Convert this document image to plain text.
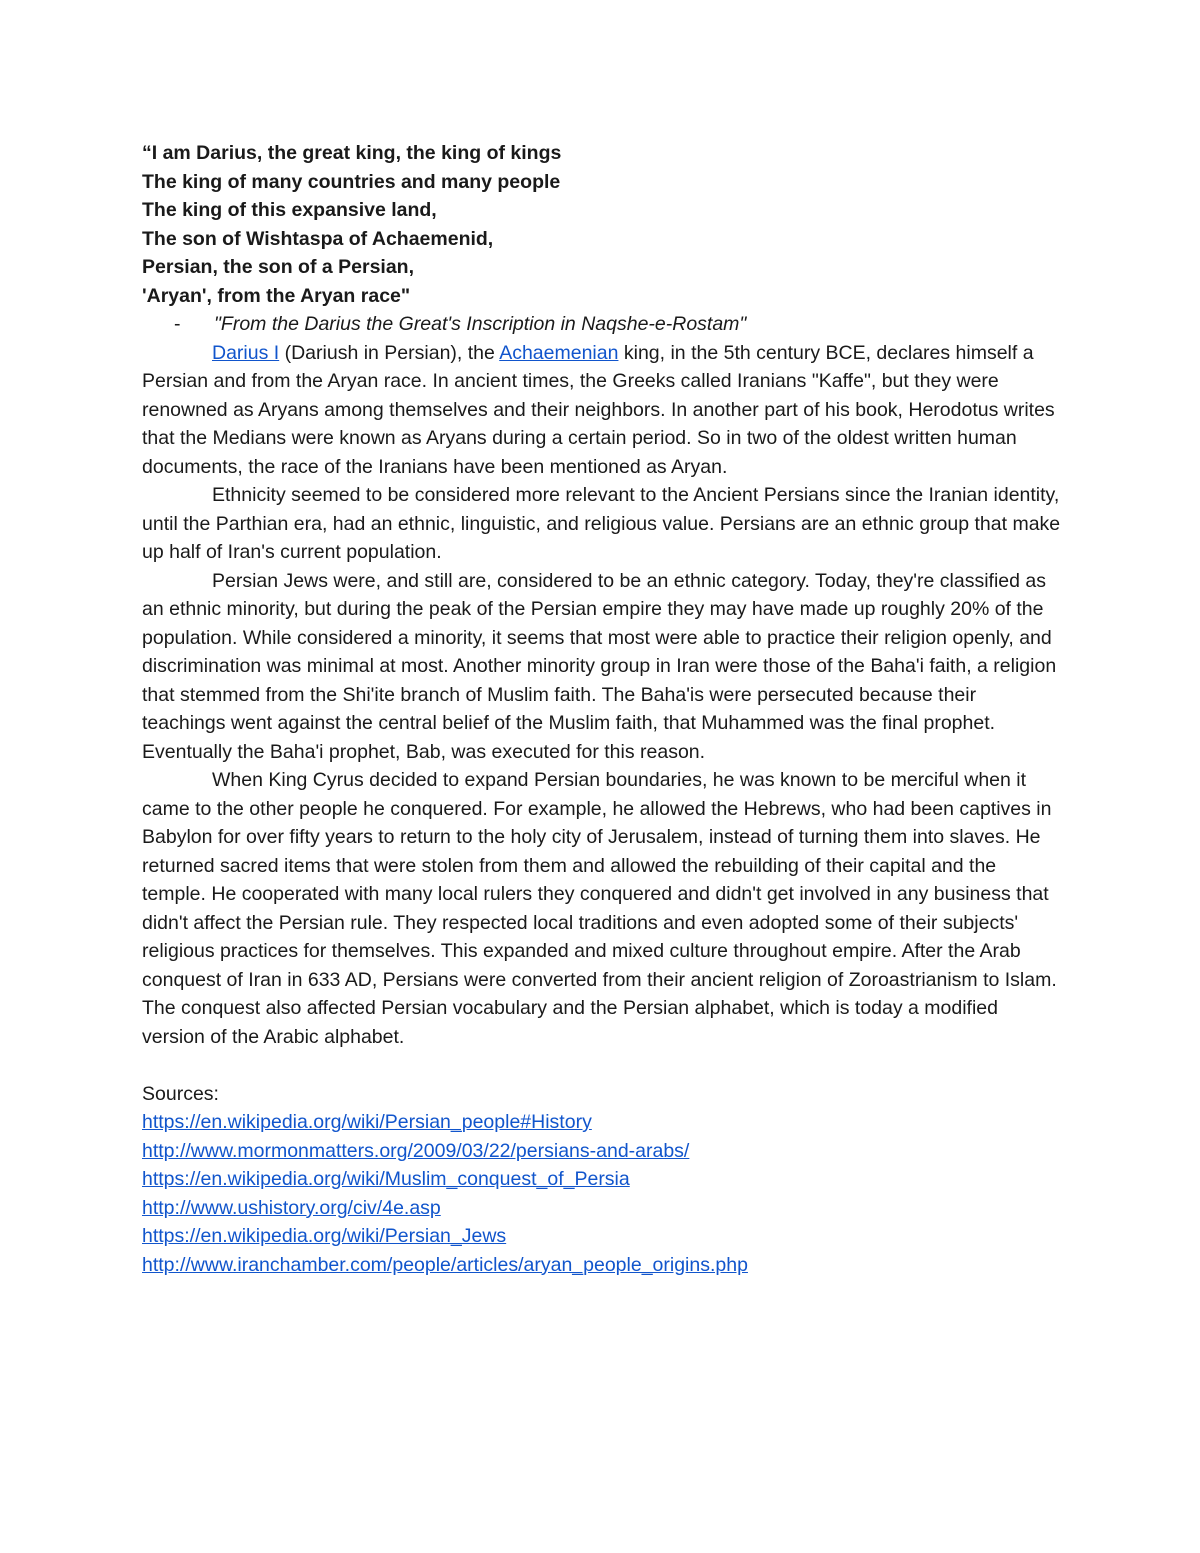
“I am Darius, the great king, the king of kings
The king of many countries and many people
The king of this expansive land,
The son of Wishtaspa of Achaemenid,
Persian, the son of a Persian,
'Aryan', from the Aryan race"
- "From the Darius the Great's Inscription in Naqshe-e-Rostam"

Darius I (Dariush in Persian), the Achaemenian king, in the 5th century BCE, declares himself a Persian and from the Aryan race. In ancient times, the Greeks called Iranians "Kaffe", but they were renowned as Aryans among themselves and their neighbors. In another part of his book, Herodotus writes that the Medians were known as Aryans during a certain period. So in two of the oldest written human documents, the race of the Iranians have been mentioned as Aryan.

Ethnicity seemed to be considered more relevant to the Ancient Persians since the Iranian identity, until the Parthian era, had an ethnic, linguistic, and religious value. Persians are an ethnic group that make up half of Iran's current population.

Persian Jews were, and still are, considered to be an ethnic category. Today, they're classified as an ethnic minority, but during the peak of the Persian empire they may have made up roughly 20% of the population. While considered a minority, it seems that most were able to practice their religion openly, and discrimination was minimal at most. Another minority group in Iran were those of the Baha'i faith, a religion that stemmed from the Shi'ite branch of Muslim faith. The Baha'is were persecuted because their teachings went against the central belief of the Muslim faith, that Muhammed was the final prophet. Eventually the Baha'i prophet, Bab, was executed for this reason.

When King Cyrus decided to expand Persian boundaries, he was known to be merciful when it came to the other people he conquered. For example, he allowed the Hebrews, who had been captives in Babylon for over fifty years to return to the holy city of Jerusalem, instead of turning them into slaves. He returned sacred items that were stolen from them and allowed the rebuilding of their capital and the temple. He cooperated with many local rulers they conquered and didn't get involved in any business that didn't affect the Persian rule. They respected local traditions and even adopted some of their subjects' religious practices for themselves. This expanded and mixed culture throughout empire. After the Arab conquest of Iran in 633 AD, Persians were converted from their ancient religion of Zoroastrianism to Islam. The conquest also affected Persian vocabulary and the Persian alphabet, which is today a modified version of the Arabic alphabet.

Sources:
https://en.wikipedia.org/wiki/Persian_people#History
http://www.mormonmatters.org/2009/03/22/persians-and-arabs/
https://en.wikipedia.org/wiki/Muslim_conquest_of_Persia
http://www.ushistory.org/civ/4e.asp
https://en.wikipedia.org/wiki/Persian_Jews
http://www.iranchamber.com/people/articles/aryan_people_origins.php
